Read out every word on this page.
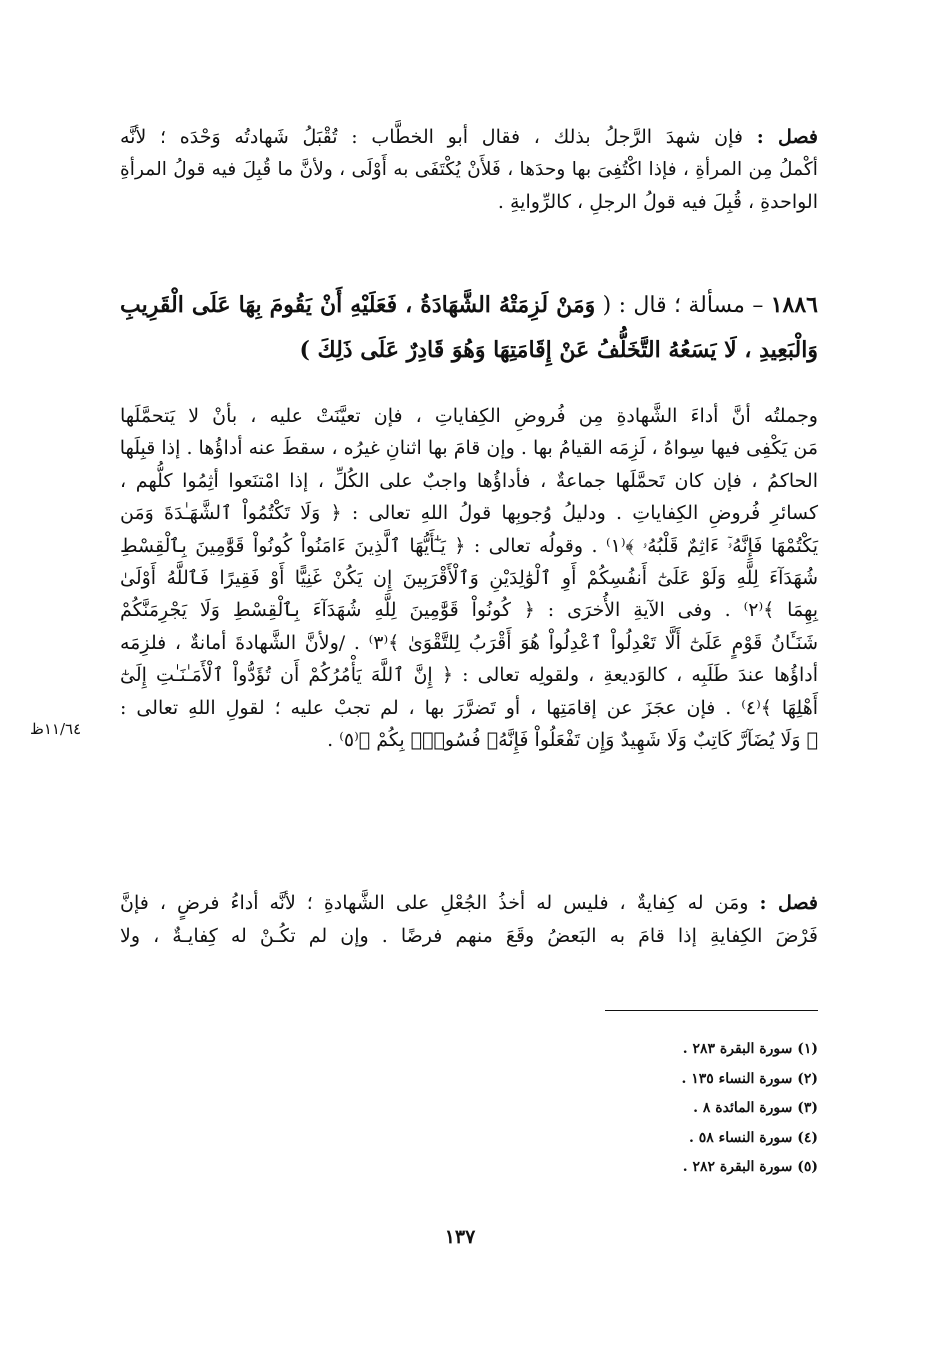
فصل : فإن شهدَ الرَّجلُ بذلك ، فقال أبو الخطَّاب : تُقْبَلُ شَهادتُه وَحْدَه ؛ لأنَّه
أكْملُ مِن المرأةِ ، فإذا اكْتُفِىَ بها وحدَها ، فَلأَنْ يُكْتَفَى به أَوْلَى ، ولأنَّ ما قُبِلَ فيه قولُ المرأةِ
الواحدةِ ، قُبِلَ فيه قولُ الرجلِ ، كالرِّوايةِ .
١٨٨٦ – مسألة ؛ قال : ( وَمَنْ لَزِمَتْهُ الشَّهَادَةُ ، فَعَلَيْهِ أَنْ يَقُومَ بِهَا عَلَى الْقَرِيبِ
وَالْبَعِيدِ ، لَا يَسَعُهُ التَّخَلُّفُ عَنْ إِقَامَتِهَا وَهُوَ قَادِرٌ عَلَى ذَلِكَ )
وجملتُه أنَّ أداءَ الشَّهادةِ مِن فُروضِ الكِفاياتِ ، فإن تعيَّنَتْ عليه ، بأنْ لا يَتحمَّلَها
مَن يَكْفِى فيها سِواهُ ، لَزِمَه القيامُ بها . وإن قامَ بها اثنانِ غيرُه ، سقطَ عنه أداؤُها . إذا قبِلَها
الحاكمُ ، فإن كان تَحمَّلَها جماعةٌ ، فأداؤُها واجبٌ على الكُلِّ ، إذا امْتنَعوا أثِمُوا كلُّهم ،
كسائرِ فُروضِ الكِفاياتِ . ودليلُ وُجوبِها قولُ اللهِ تعالى : ﴿ وَلَا تَكْتُمُواْ ٱلشَّهَـٰدَةَ وَمَن
يَكْتُمْهَا فَإِنَّهُۥٓ ءَاثِمٌ قَلْبُهُۥ ﴾⁽١⁾ . وقولُه تعالى : ﴿ يَـٰٓأَيُّهَا ٱلَّذِينَ ءَامَنُواْ كُونُواْ قَوَّٰمِينَ بِٱلْقِسْطِ
شُهَدَآءَ لِلَّهِ وَلَوْ عَلَىٰٓ أَنفُسِكُمْ أَوِ ٱلْوَٰلِدَيْنِ وَٱلْأَقْرَبِينَ إِن يَكُنْ غَنِيًّا أَوْ فَقِيرًا فَٱللَّهُ أَوْلَىٰ
بِهِمَا ﴾⁽٢⁾ . وفى الآيةِ الأُخرَى : ﴿ كُونُواْ قَوَّٰمِينَ لِلَّهِ شُهَدَآءَ بِٱلْقِسْطِ وَلَا يَجْرِمَنَّكُمْ
شَنَـَٔانُ قَوْمٍ عَلَىٰٓ أَلَّا تَعْدِلُواْ ٱعْدِلُواْ هُوَ أَقْرَبُ لِلتَّقْوَىٰ ﴾⁽٣⁾ . /ولأنَّ الشَّهادةَ أمانةٌ ، فلزِمَه
أداؤُها عندَ طَلَبِه ، كالوَديعةِ ، ولقولِه تعالى : ﴿ إِنَّ ٱللَّهَ يَأْمُرُكُمْ أَن تُؤَدُّواْ ٱلْأَمَـٰنَـٰتِ إِلَىٰٓ
أَهْلِهَا ﴾⁽٤⁾ . فإن عجَزَ عن إقامَتِها ، أو تَضرَّرَ بها ، لم تجبْ عليه ؛ لقولِ اللهِ تعالى :
﴿ وَلَا يُضَآرَّ كَاتِبٌ وَلَا شَهِيدٌ وَإِن تَفْعَلُواْ فَإِنَّهُۥ فُسُوقٌۢ بِكُمْ ﴾⁽٥⁾ .
فصل : ومَن له كِفايةٌ ، فليس له أخذُ الجُعْلِ على الشَّهادةِ ؛ لأنَّه أداءُ فرضٍ ، فإنَّ
فَرْضَ الكِفايةِ إذا قامَ به البَعضُ وقَعَ منهم فرضًا . وإن لم تكُـنْ له كِفايـةٌ ، ولا
١١/٦٤ظ
(١) سورة البقرة ٢٨٣ .
(٢) سورة النساء ١٣٥ .
(٣) سورة المائدة ٨ .
(٤) سورة النساء ٥٨ .
(٥) سورة البقرة ٢٨٢ .
١٣٧
